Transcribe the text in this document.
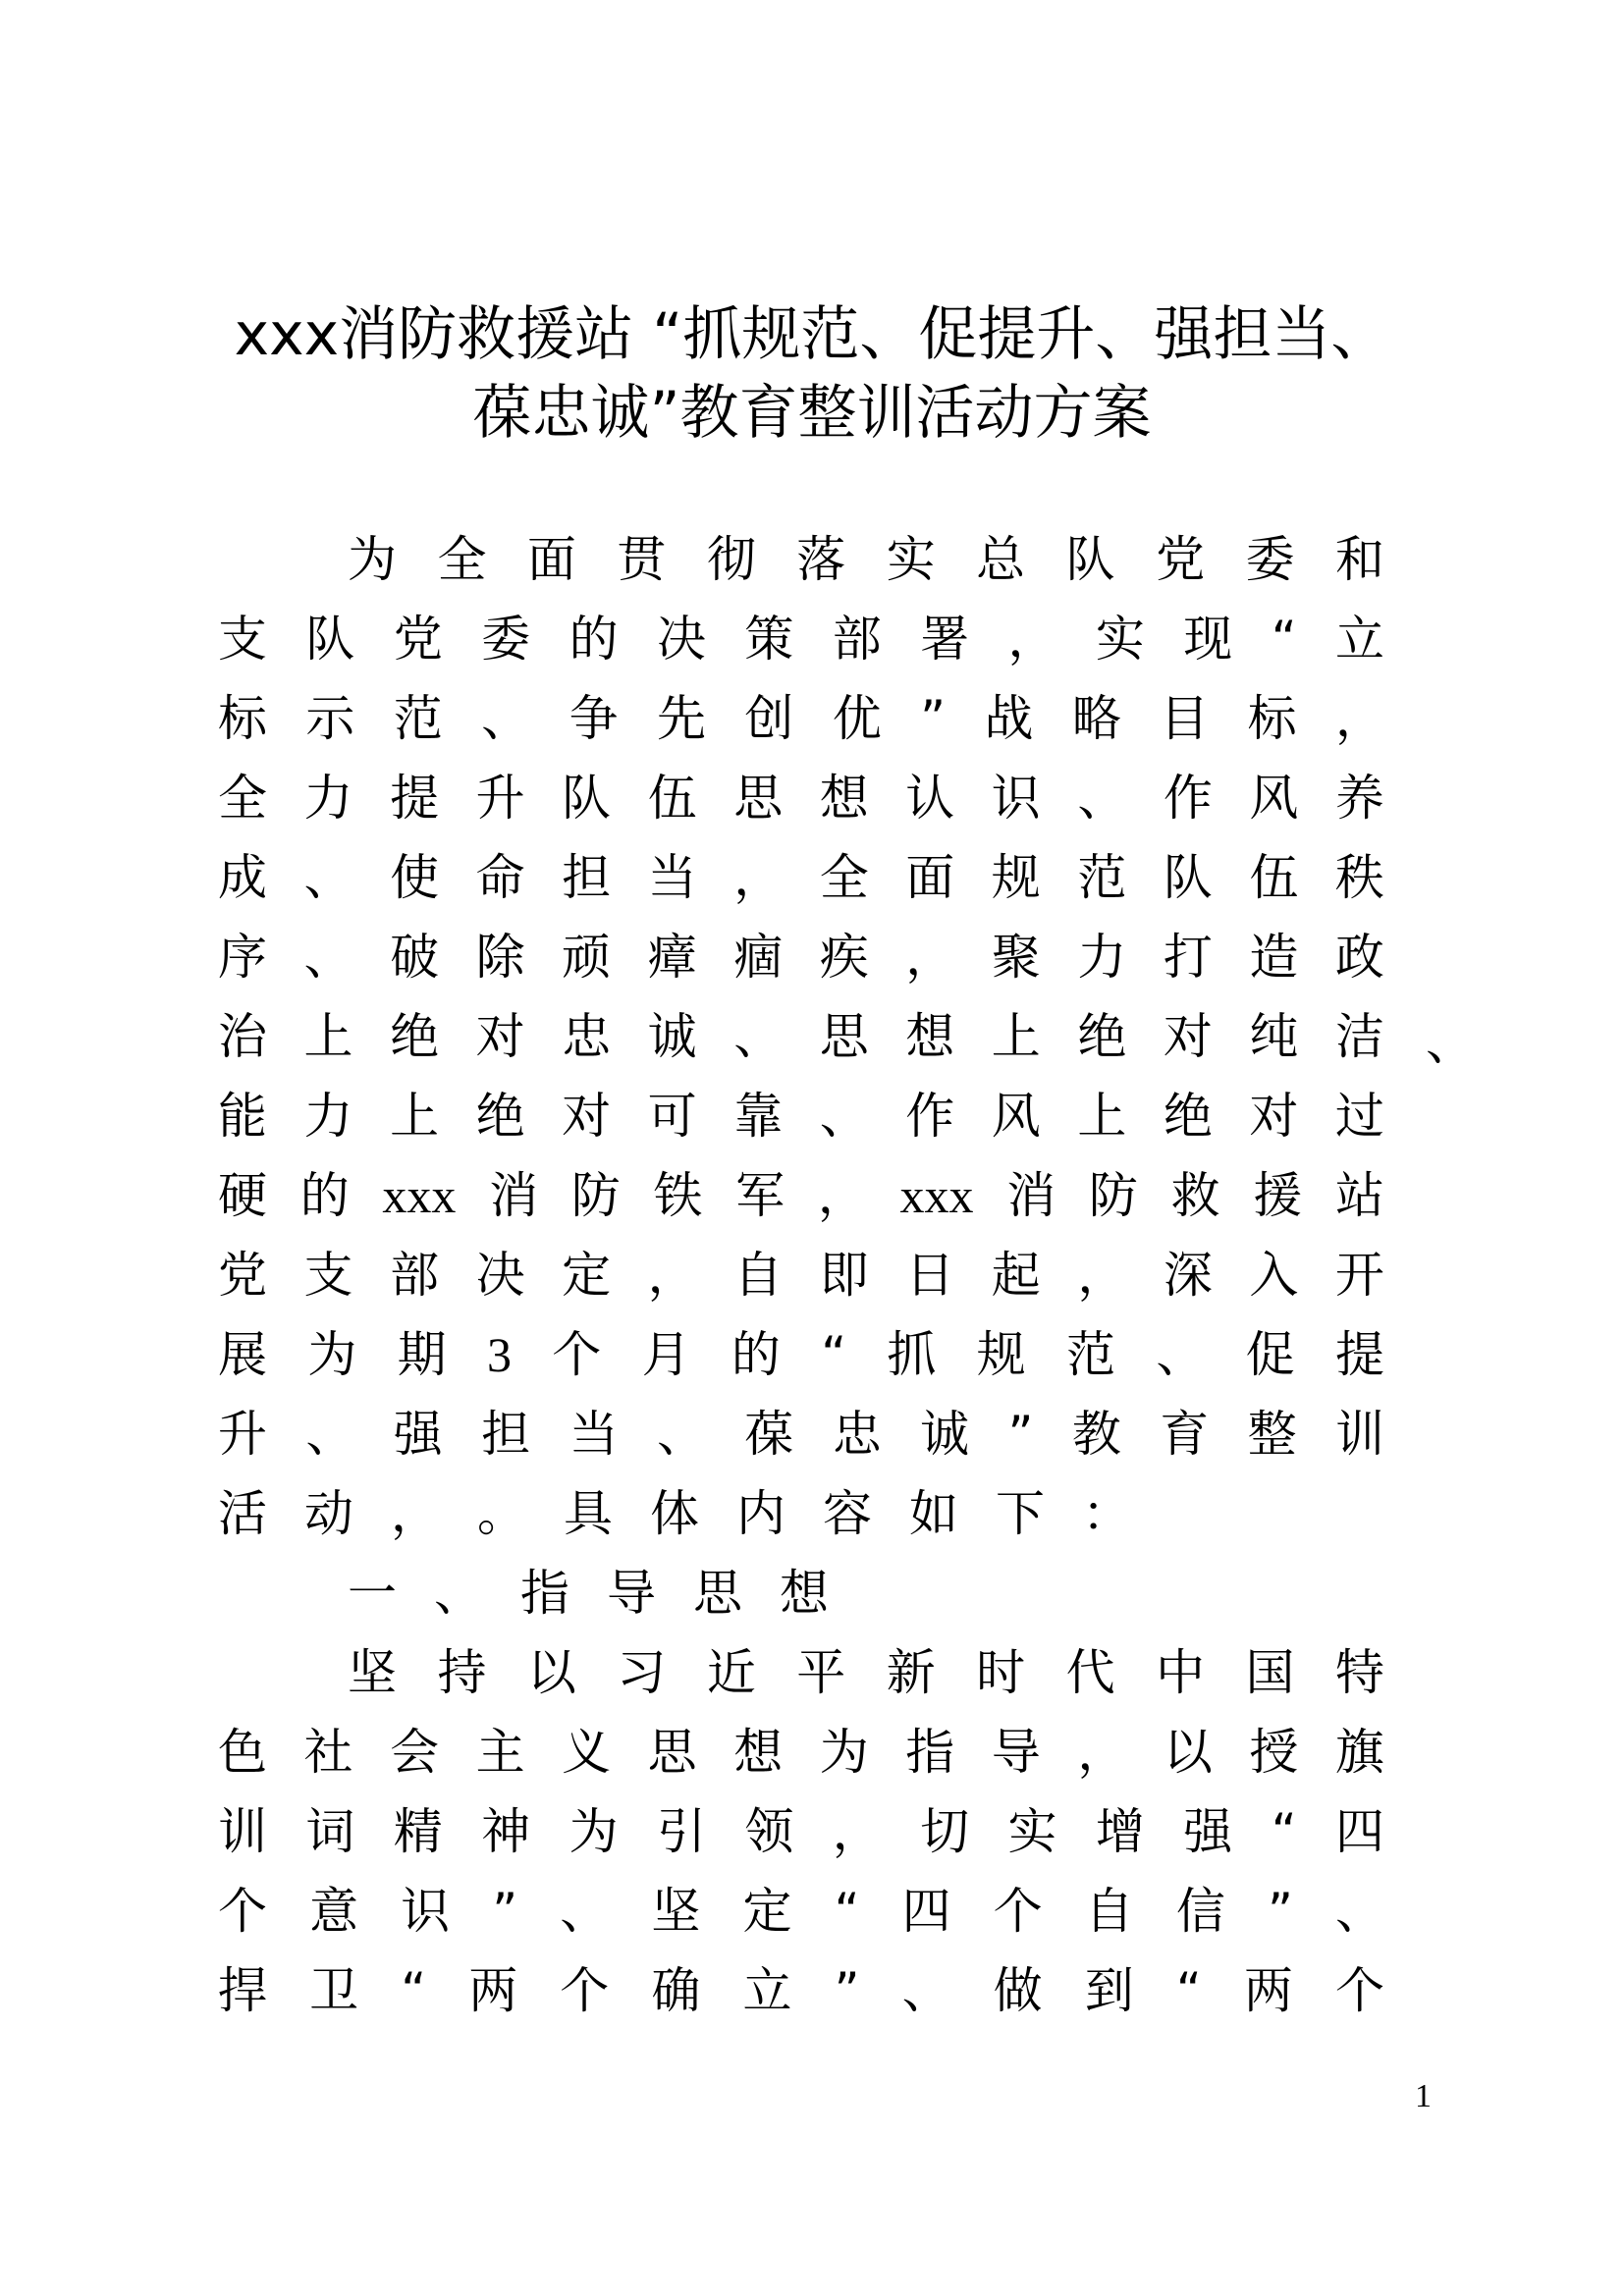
xxx消防救援站 “抓规范、促提升、强担当、
葆忠诚”教育整训活动方案
为 全 面 贯 彻 落 实 总 队 党 委 和
支 队 党 委 的 决 策 部 署 ， 实 现 “ 立
标 示 范 、 争 先 创 优 ” 战 略 目 标 ，
全 力 提 升 队 伍 思 想 认 识 、 作 风 养
成 、 使 命 担 当 ， 全 面 规 范 队 伍 秩
序 、 破 除 顽 瘴 痼 疾 ， 聚 力 打 造 政
治 上 绝 对 忠 诚 、 思 想 上 绝 对 纯 洁
能 力 上 绝 对 可 靠 、 作 风 上 绝 对 过
硬 的 xxx 消 防 铁 军 ， xxx 消 防 救 援 站
党 支 部 决 定 ， 自 即 日 起 ， 深 入 开
展 为 期 3 个 月 的 “ 抓 规 范 、 促 提
升 、 强 担 当 、 葆 忠 诚 ” 教 育 整 训
活 动 ， 。 具 体 内 容 如 下 ：
一 、 指 导 思 想
坚 持 以 习 近 平 新 时 代 中 国 特
色 社 会 主 义 思 想 为 指 导 ， 以 授 旗
训 词 精 神 为 引 领 ， 切 实 增 强 “ 四
个 意 识 ” 、 坚 定 “ 四 个 自 信 ” 、
捍 卫 “ 两 个 确 立 ” 、 做 到 “ 两 个
、
1
